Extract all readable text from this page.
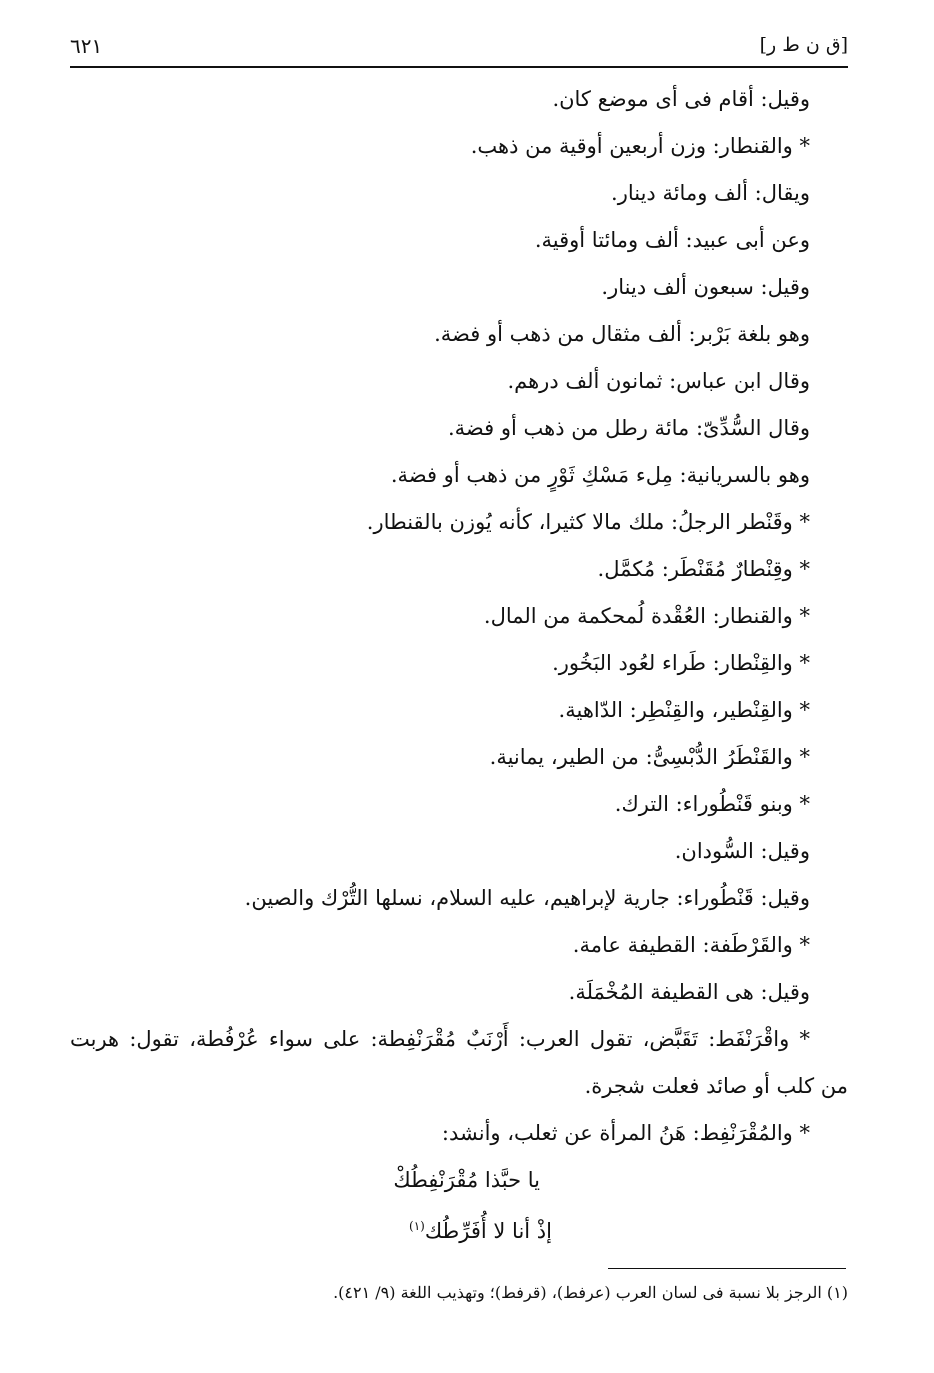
[ق ن ط ر]
٦٢١
وقيل: أقام فى أى موضع كان.
* والقنطار: وزن أربعين أوقية من ذهب.
ويقال: ألف ومائة دينار.
وعن أبى عبيد: ألف ومائتا أوقية.
وقيل: سبعون ألف دينار.
وهو بلغة بَرْبر: ألف مثقال من ذهب أو فضة.
وقال ابن عباس: ثمانون ألف درهم.
وقال السُّدِّىّ: مائة رطل من ذهب أو فضة.
وهو بالسريانية: مِلء مَسْكِ ثَوْرٍ من ذهب أو فضة.
* وقَنْطر الرجلُ: ملك مالا كثيرا، كأنه يُوزن بالقنطار.
* وقِنْطارٌ مُقَنْطَر: مُكمَّل.
* والقنطار: العُقْدة لُمحكمة من المال.
* والقِنْطار: طَراء لعُود البَخُور.
* والقِنْطير، والقِنْطِر: الدّاهية.
* والقَنْطَرُ الدُّبْسِىُّ: من الطير، يمانية.
* وبنو قَنْطُوراء: الترك.
وقيل: السُّودان.
وقيل: قَنْطُوراء: جارية لإبراهيم، عليه السلام، نسلها التُّرْك والصين.
* والقَرْطَفة: القطيفة عامة.
وقيل: هى القطيفة المُخْمَلَة.
* واقْرَنْفَط: تَقَبَّض، تقول العرب: أَرْنَبٌ مُقْرَنْفِطة: على سواء عُرْفُطة، تقول: هربت
من كلب أو صائد فعلت شجرة.
* والمُقْرَنْفِط: هَنُ المرأة عن ثعلب، وأنشد:
يا حبَّذا مُقْرَنْفِطُكْ
إذْ أنا لا أُفَرِّطُك$^{(١)}$
(١) الرجز بلا نسبة فى لسان العرب (عرفط)، (قرفط)؛ وتهذيب اللغة (٩/ ٤٢١).
